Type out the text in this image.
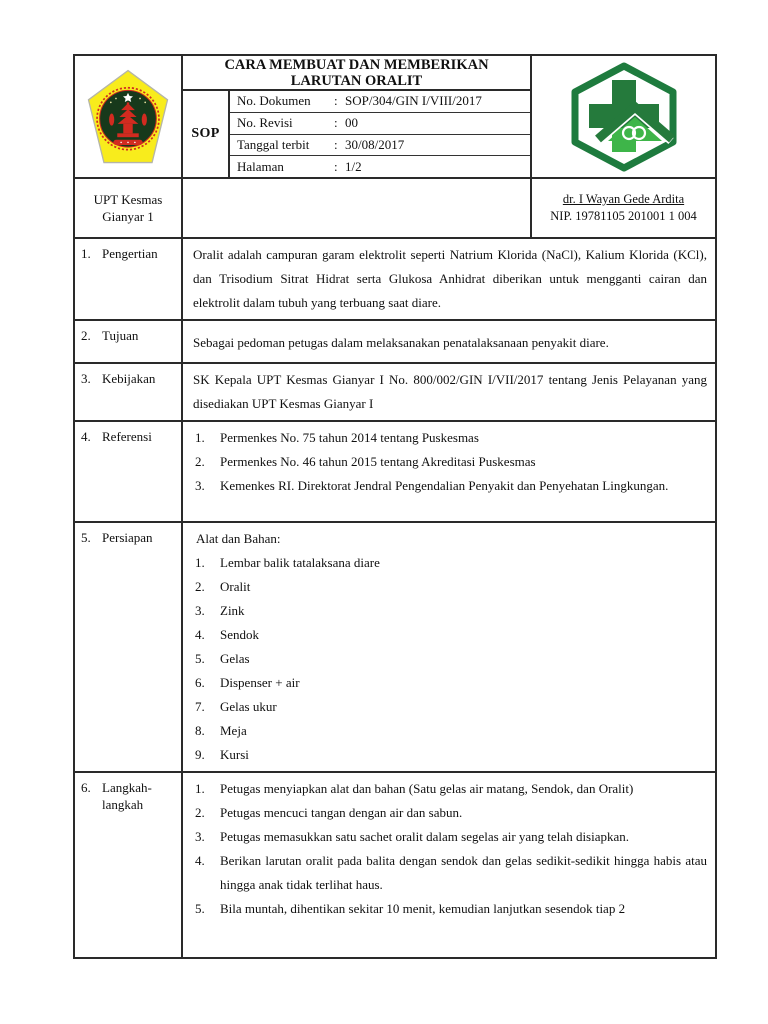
CARA MEMBUAT DAN MEMBERIKAN LARUTAN ORALIT
SOP
No. Dokumen	: SOP/304/GIN I/VIII/2017
No. Revisi	: 00
Tanggal terbit	: 30/08/2017
Halaman	: 1/2
UPT Kesmas Gianyar 1
dr. I Wayan Gede Ardita
NIP. 19781105 201001 1 004
1. Pengertian	Oralit adalah campuran garam elektrolit seperti Natrium Klorida (NaCl), Kalium Klorida (KCl), dan Trisodium Sitrat Hidrat serta Glukosa Anhidrat diberikan untuk mengganti cairan dan elektrolit dalam tubuh yang terbuang saat diare.

2. Tujuan	Sebagai pedoman petugas dalam melaksanakan penatalaksanaan penyakit diare.

3. Kebijakan	SK Kepala UPT Kesmas Gianyar I No. 800/002/GIN I/VII/2017 tentang Jenis Pelayanan yang disediakan UPT Kesmas Gianyar I

4. Referensi	1.	Permenkes No. 75 tahun 2014 tentang Puskesmas
2.	Permenkes No. 46 tahun 2015 tentang Akreditasi Puskesmas
3.	Kemenkes RI. Direktorat Jendral Pengendalian Penyakit dan Penyehatan Lingkungan.
5. Persiapan	Alat dan Bahan:

1.	Lembar balik tatalaksana diare
2.	Oralit
3.	Zink
4.	Sendok
5.	Gelas
6.	Dispenser + air
7.	Gelas ukur
8.	Meja
9.	Kursi
6. Langkah-langkah
1.	Petugas menyiapkan alat dan bahan (Satu gelas air matang, Sendok, dan Oralit)
2.	Petugas mencuci tangan dengan air dan sabun.
3.	Petugas memasukkan satu sachet oralit dalam segelas air yang telah disiapkan.
4.	Berikan larutan oralit pada balita dengan sendok dan gelas sedikit-sedikit hingga habis atau hingga anak tidak terlihat haus.
5.	Bila muntah, dihentikan sekitar 10 menit, kemudian lanjutkan sesendok tiap 2
